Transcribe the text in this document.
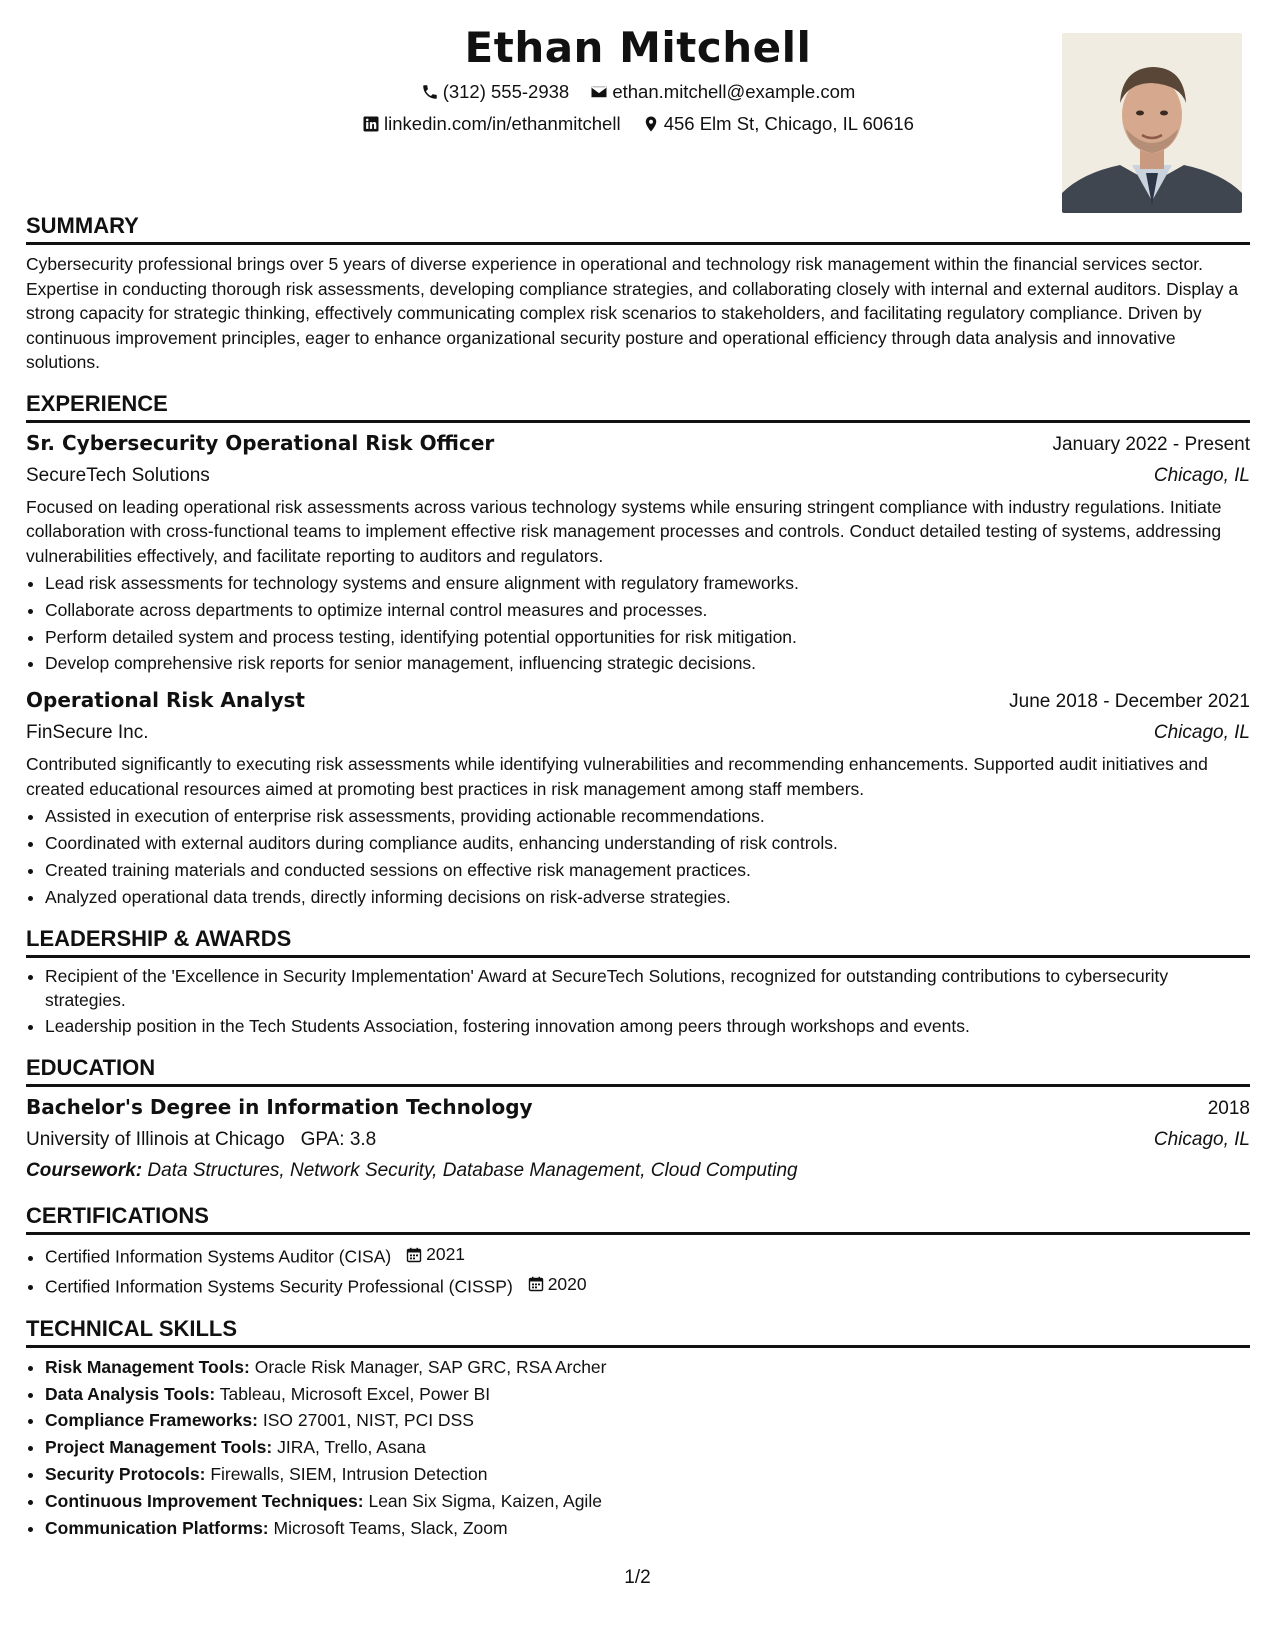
Ethan Mitchell
(312) 555-2938
ethan.mitchell@example.com
linkedin.com/in/ethanmitchell
456 Elm St, Chicago, IL 60616
SUMMARY
Cybersecurity professional brings over 5 years of diverse experience in operational and technology risk management within the financial services sector. Expertise in conducting thorough risk assessments, developing compliance strategies, and collaborating closely with internal and external auditors. Display a strong capacity for strategic thinking, effectively communicating complex risk scenarios to stakeholders, and facilitating regulatory compliance. Driven by continuous improvement principles, eager to enhance organizational security posture and operational efficiency through data analysis and innovative solutions.
EXPERIENCE
Sr. Cybersecurity Operational Risk Officer	January 2022 - Present
SecureTech Solutions	Chicago, IL
Focused on leading operational risk assessments across various technology systems while ensuring stringent compliance with industry regulations. Initiate collaboration with cross-functional teams to implement effective risk management processes and controls. Conduct detailed testing of systems, addressing vulnerabilities effectively, and facilitate reporting to auditors and regulators.
• Lead risk assessments for technology systems and ensure alignment with regulatory frameworks.
• Collaborate across departments to optimize internal control measures and processes.
• Perform detailed system and process testing, identifying potential opportunities for risk mitigation.
• Develop comprehensive risk reports for senior management, influencing strategic decisions.
Operational Risk Analyst	June 2018 - December 2021
FinSecure Inc.	Chicago, IL
Contributed significantly to executing risk assessments while identifying vulnerabilities and recommending enhancements. Supported audit initiatives and created educational resources aimed at promoting best practices in risk management among staff members.
• Assisted in execution of enterprise risk assessments, providing actionable recommendations.
• Coordinated with external auditors during compliance audits, enhancing understanding of risk controls.
• Created training materials and conducted sessions on effective risk management practices.
• Analyzed operational data trends, directly informing decisions on risk-adverse strategies.
LEADERSHIP & AWARDS
• Recipient of the 'Excellence in Security Implementation' Award at SecureTech Solutions, recognized for outstanding contributions to cybersecurity strategies.
• Leadership position in the Tech Students Association, fostering innovation among peers through workshops and events.
EDUCATION
Bachelor's Degree in Information Technology	2018
University of Illinois at Chicago GPA: 3.8	Chicago, IL
Coursework: Data Structures, Network Security, Database Management, Cloud Computing
CERTIFICATIONS
• Certified Information Systems Auditor (CISA) 2021
• Certified Information Systems Security Professional (CISSP) 2020
TECHNICAL SKILLS
• Risk Management Tools: Oracle Risk Manager, SAP GRC, RSA Archer
• Data Analysis Tools: Tableau, Microsoft Excel, Power BI
• Compliance Frameworks: ISO 27001, NIST, PCI DSS
• Project Management Tools: JIRA, Trello, Asana
• Security Protocols: Firewalls, SIEM, Intrusion Detection
• Continuous Improvement Techniques: Lean Six Sigma, Kaizen, Agile
• Communication Platforms: Microsoft Teams, Slack, Zoom
1/2
